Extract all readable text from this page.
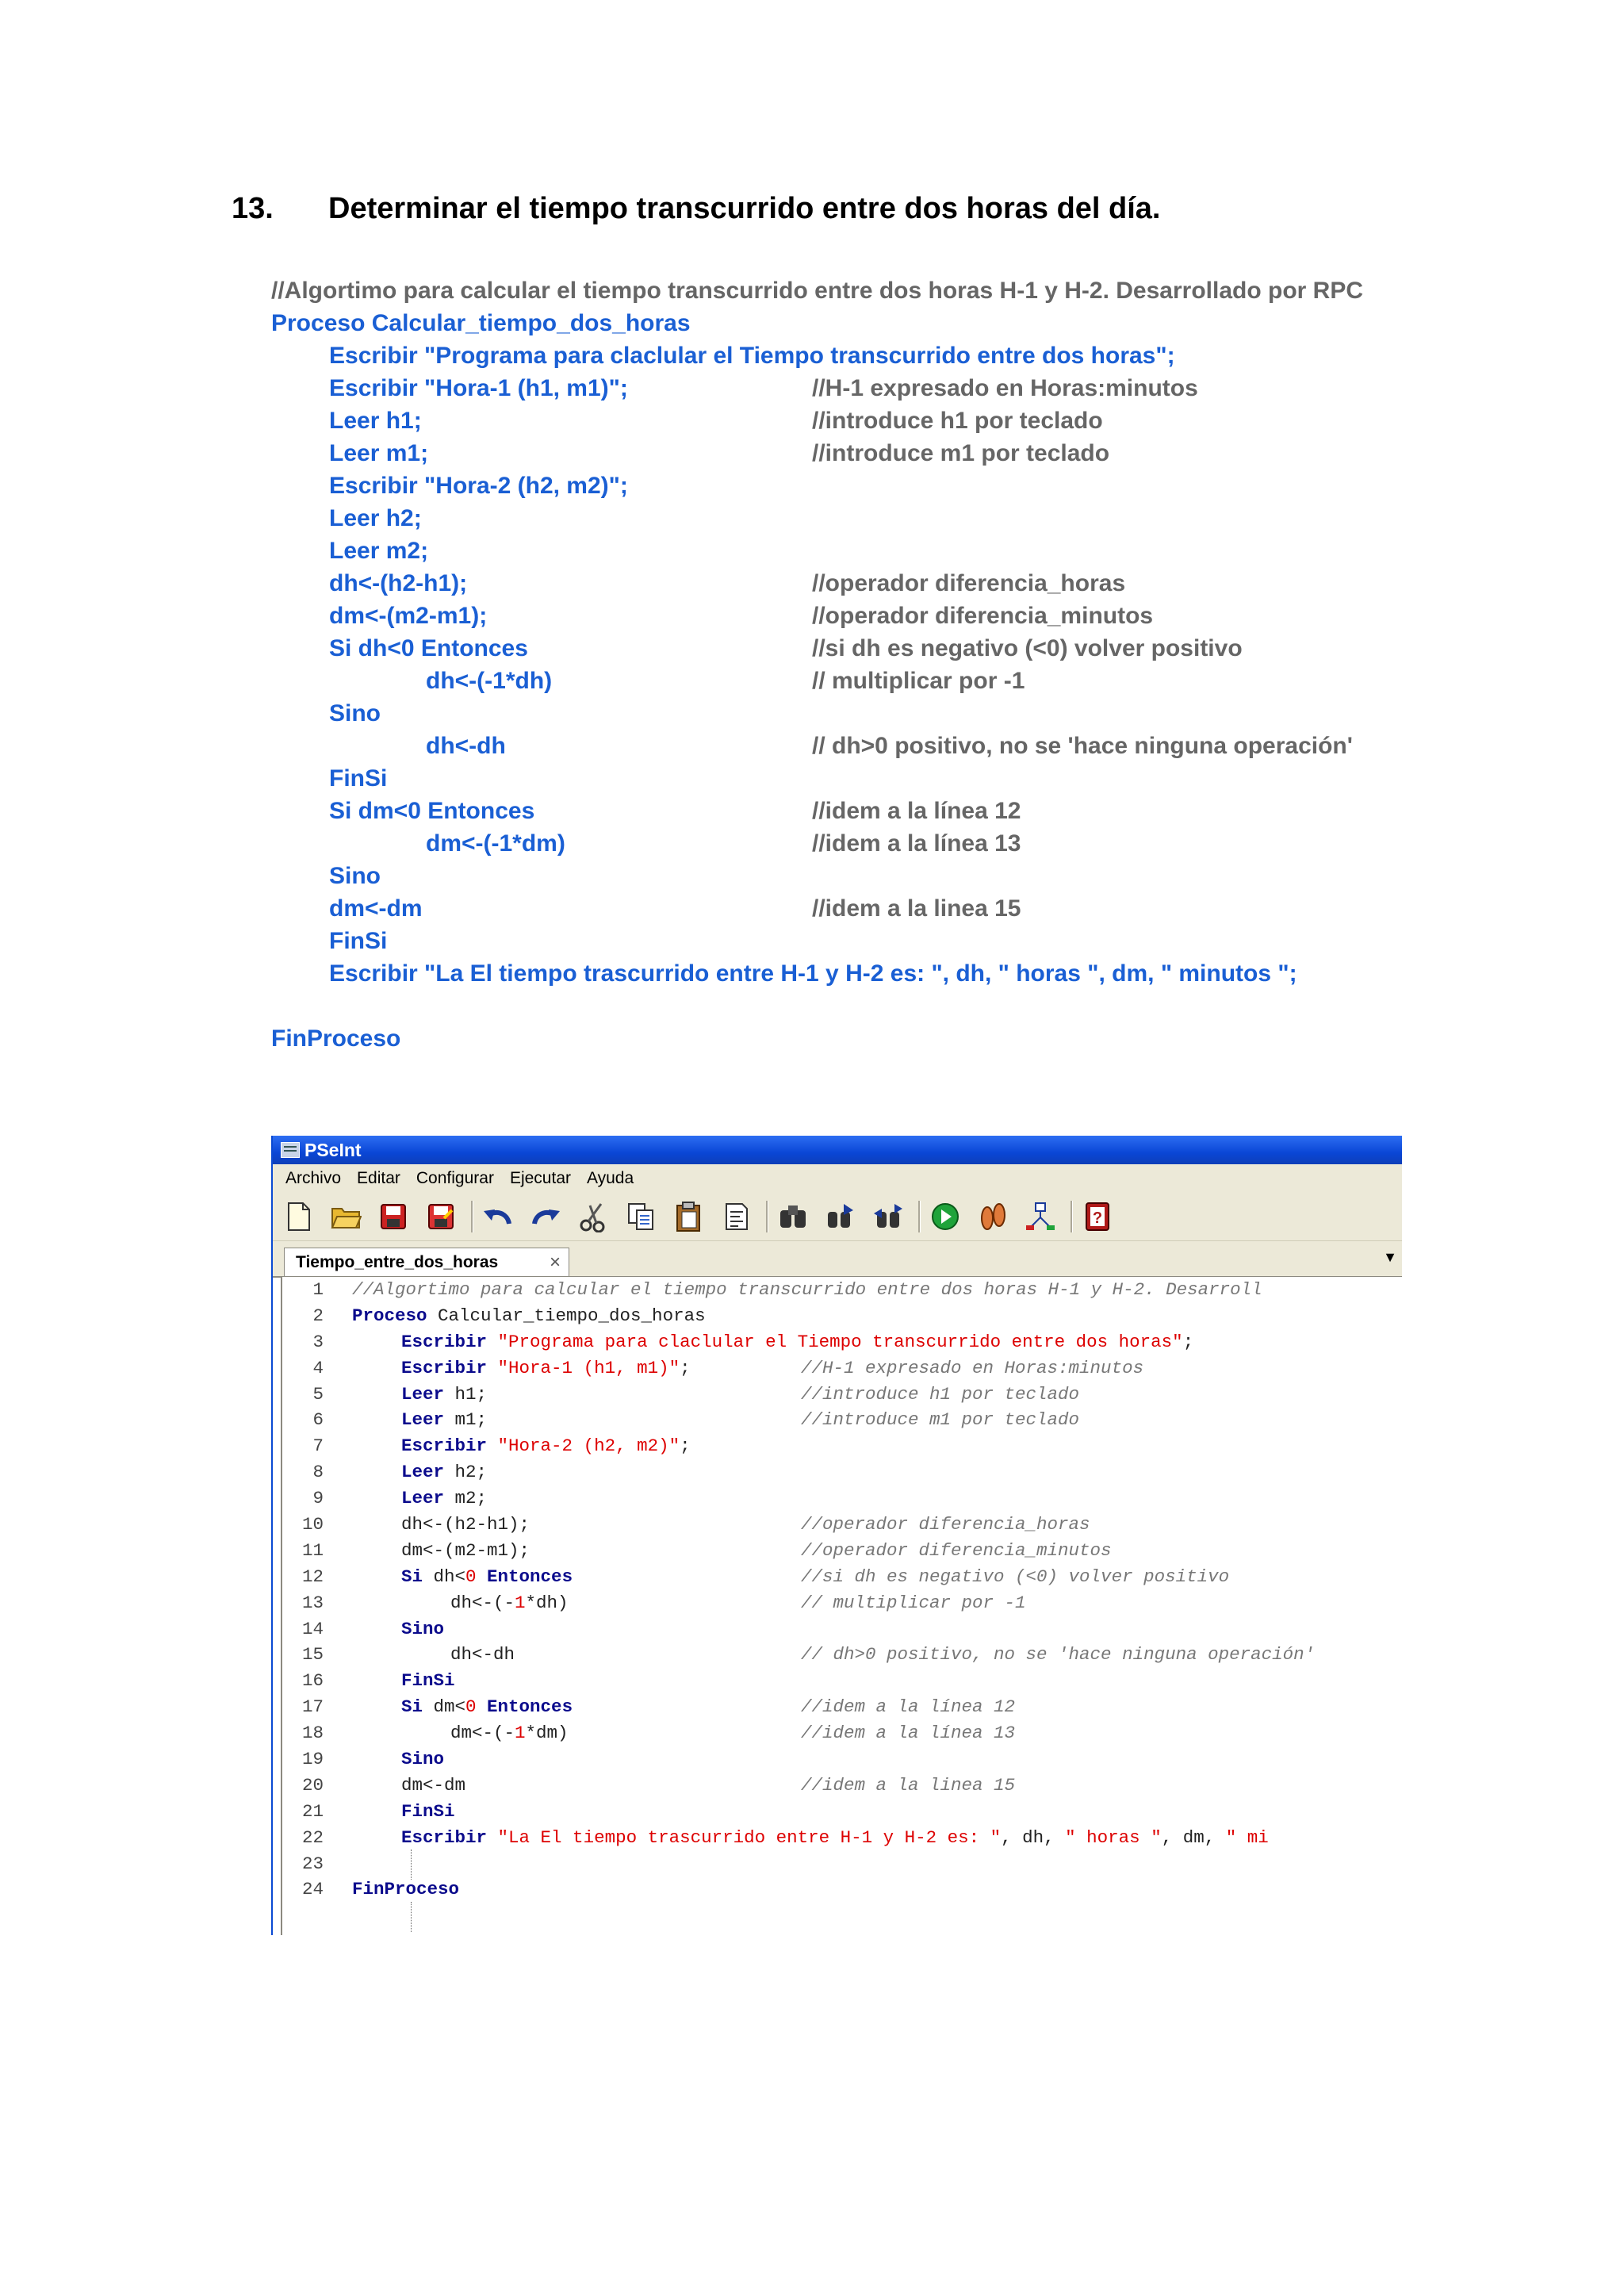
13. Determinar el tiempo transcurrido entre dos horas del día.
//Algortimo para calcular el tiempo transcurrido entre dos horas H-1 y H-2. Desarrollado por RPC
Proceso Calcular_tiempo_dos_horas
Escribir "Programa para claclular el Tiempo transcurrido entre dos horas";
Escribir "Hora-1 (h1, m1)";	//H-1 expresado en Horas:minutos
Leer h1;	//introduce h1 por teclado
Leer m1;	//introduce m1 por teclado
Escribir "Hora-2 (h2, m2)";
Leer h2;
Leer m2;
dh<-(h2-h1);	//operador diferencia_horas
dm<-(m2-m1);	//operador diferencia_minutos
Si dh<0 Entonces	//si dh es negativo (<0) volver positivo
dh<-(-1*dh)	// multiplicar por -1
Sino
dh<-dh	// dh>0 positivo, no se 'hace ninguna operación'
FinSi
Si dm<0 Entonces	//idem a la línea 12
dm<-(-1*dm)	//idem a la línea 13
Sino
dm<-dm	//idem a la linea 15
FinSi
Escribir "La El tiempo trascurrido entre H-1 y H-2 es: ", dh, " horas ", dm, " minutos ";
FinProceso
PSeInt
Archivo Editar Configurar Ejecutar Ayuda
?
Tiempo_entre_dos_horas	×	▼
1 //Algortimo para calcular el tiempo transcurrido entre dos horas H-1 y H-2. Desarroll
2 Proceso Calcular_tiempo_dos_horas
3	Escribir "Programa para claclular el Tiempo transcurrido entre dos horas";
4	Escribir "Hora-1 (h1, m1)";	//H-1 expresado en Horas:minutos
5	Leer h1;	//introduce h1 por teclado
6	Leer m1;	//introduce m1 por teclado
7	Escribir "Hora-2 (h2, m2)";
8	Leer h2;
9	Leer m2;
10	dh<-(h2-h1);	//operador diferencia_horas
11	dm<-(m2-m1);	//operador diferencia_minutos
12	Si dh<0 Entonces	//si dh es negativo (<0) volver positivo
13	dh<-(-1*dh)	// multiplicar por -1
14	Sino
15	dh<-dh	// dh>0 positivo, no se 'hace ninguna operación'
16	FinSi
17	Si dm<0 Entonces	//idem a la línea 12
18	dm<-(-1*dm)	//idem a la línea 13
19	Sino
20	dm<-dm	//idem a la linea 15
21	FinSi
22	Escribir "La El tiempo trascurrido entre H-1 y H-2 es: ", dh, " horas ", dm, " mi
23
24 FinProceso
